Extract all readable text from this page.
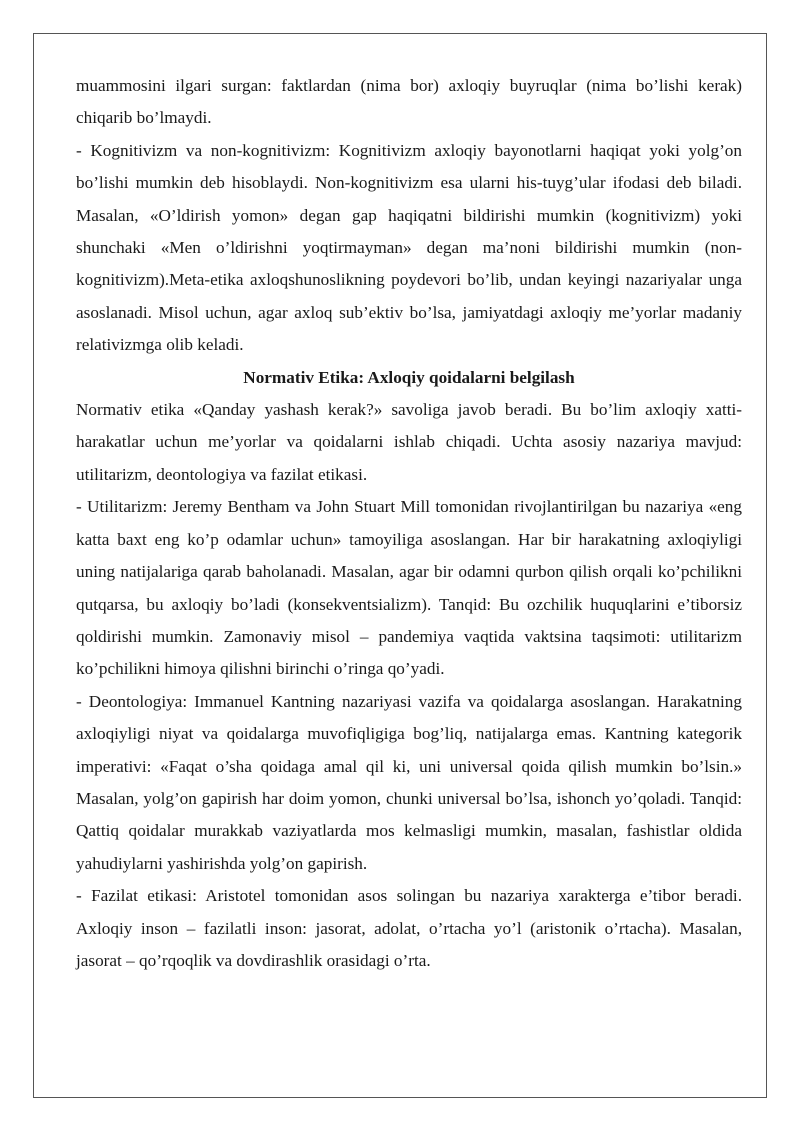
muammosini ilgari surgan: faktlardan (nima bor) axloqiy buyruqlar (nima bo’lishi kerak) chiqarib bo’lmaydi.

- Kognitivizm va non-kognitivizm: Kognitivizm axloqiy bayonotlarni haqiqat yoki yolg’on bo’lishi mumkin deb hisoblaydi. Non-kognitivizm esa ularni his-tuyg’ular ifodasi deb biladi. Masalan, «O’ldirish yomon» degan gap haqiqatni bildirishi mumkin (kognitivizm) yoki shunchaki «Men o’ldirishni yoqtirmayman» degan ma’noni bildirishi mumkin (non-kognitivizm).Meta-etika axloqshunoslikning poydevori bo’lib, undan keyingi nazariyalar unga asoslanadi. Misol uchun, agar axloq sub’ektiv bo’lsa, jamiyatdagi axloqiy me’yorlar madaniy relativizmga olib keladi.

Normativ Etika: Axloqiy qoidalarni belgilash

Normativ etika «Qanday yashash kerak?» savoliga javob beradi. Bu bo’lim axloqiy xatti-harakatlar uchun me’yorlar va qoidalarni ishlab chiqadi. Uchta asosiy nazariya mavjud: utilitarizm, deontologiya va fazilat etikasi.

- Utilitarizm: Jeremy Bentham va John Stuart Mill tomonidan rivojlantirilgan bu nazariya «eng katta baxt eng ko’p odamlar uchun» tamoyiliga asoslangan. Har bir harakatning axloqiyligi uning natijalariga qarab baholanadi. Masalan, agar bir odamni qurbon qilish orqali ko’pchilikni qutqarsa, bu axloqiy bo’ladi (konsekventsializm). Tanqid: Bu ozchilik huquqlarini e’tiborsiz qoldirishi mumkin. Zamonaviy misol – pandemiya vaqtida vaktsina taqsimoti: utilitarizm ko’pchilikni himoya qilishni birinchi o’ringa qo’yadi.

- Deontologiya: Immanuel Kantning nazariyasi vazifa va qoidalarga asoslangan. Harakatning axloqiyligi niyat va qoidalarga muvofiqligiga bog’liq, natijalarga emas. Kantning kategorik imperativi: «Faqat o’sha qoidaga amal qil ki, uni universal qoida qilish mumkin bo’lsin.» Masalan, yolg’on gapirish har doim yomon, chunki universal bo’lsa, ishonch yo’qoladi. Tanqid: Qattiq qoidalar murakkab vaziyatlarda mos kelmasligi mumkin, masalan, fashistlar oldida yahudiylarni yashirishda yolg’on gapirish.

- Fazilat etikasi: Aristotel tomonidan asos solingan bu nazariya xarakterga e’tibor beradi. Axloqiy inson – fazilatli inson: jasorat, adolat, o’rtacha yo’l (aristonik o’rtacha). Masalan, jasorat – qo’rqoqlik va dovdirashlik orasidagi o’rta.
